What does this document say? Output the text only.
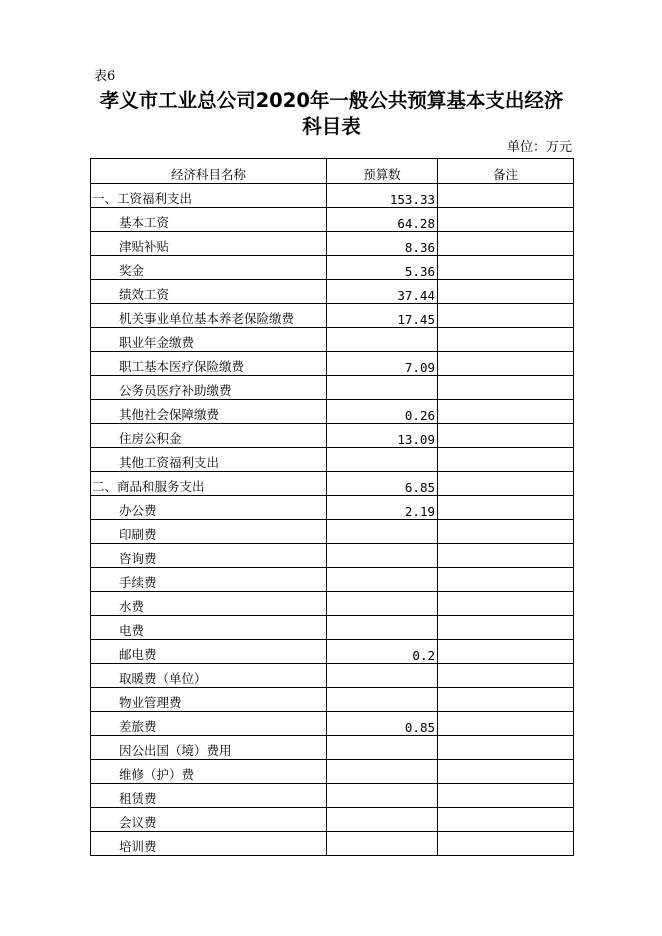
表6
孝义市工业总公司2020年一般公共预算基本支出经济
科目表
单位：万元
经济科目名称	预算数	备注
一、工资福利支出	153.33	
基本工资	64.28	
津贴补贴	8.36	
奖金	5.36	
绩效工资	37.44	
机关事业单位基本养老保险缴费	17.45	
职业年金缴费		
职工基本医疗保险缴费	7.09	
公务员医疗补助缴费		
其他社会保障缴费	0.26	
住房公积金	13.09	
其他工资福利支出		
二、商品和服务支出	6.85	
办公费	2.19	
印刷费		
咨询费		
手续费		
水费		
电费		
邮电费	0.2	
取暖费（单位）		
物业管理费		
差旅费	0.85	
因公出国（境）费用		
维修（护）费		
租赁费		
会议费		
培训费		
